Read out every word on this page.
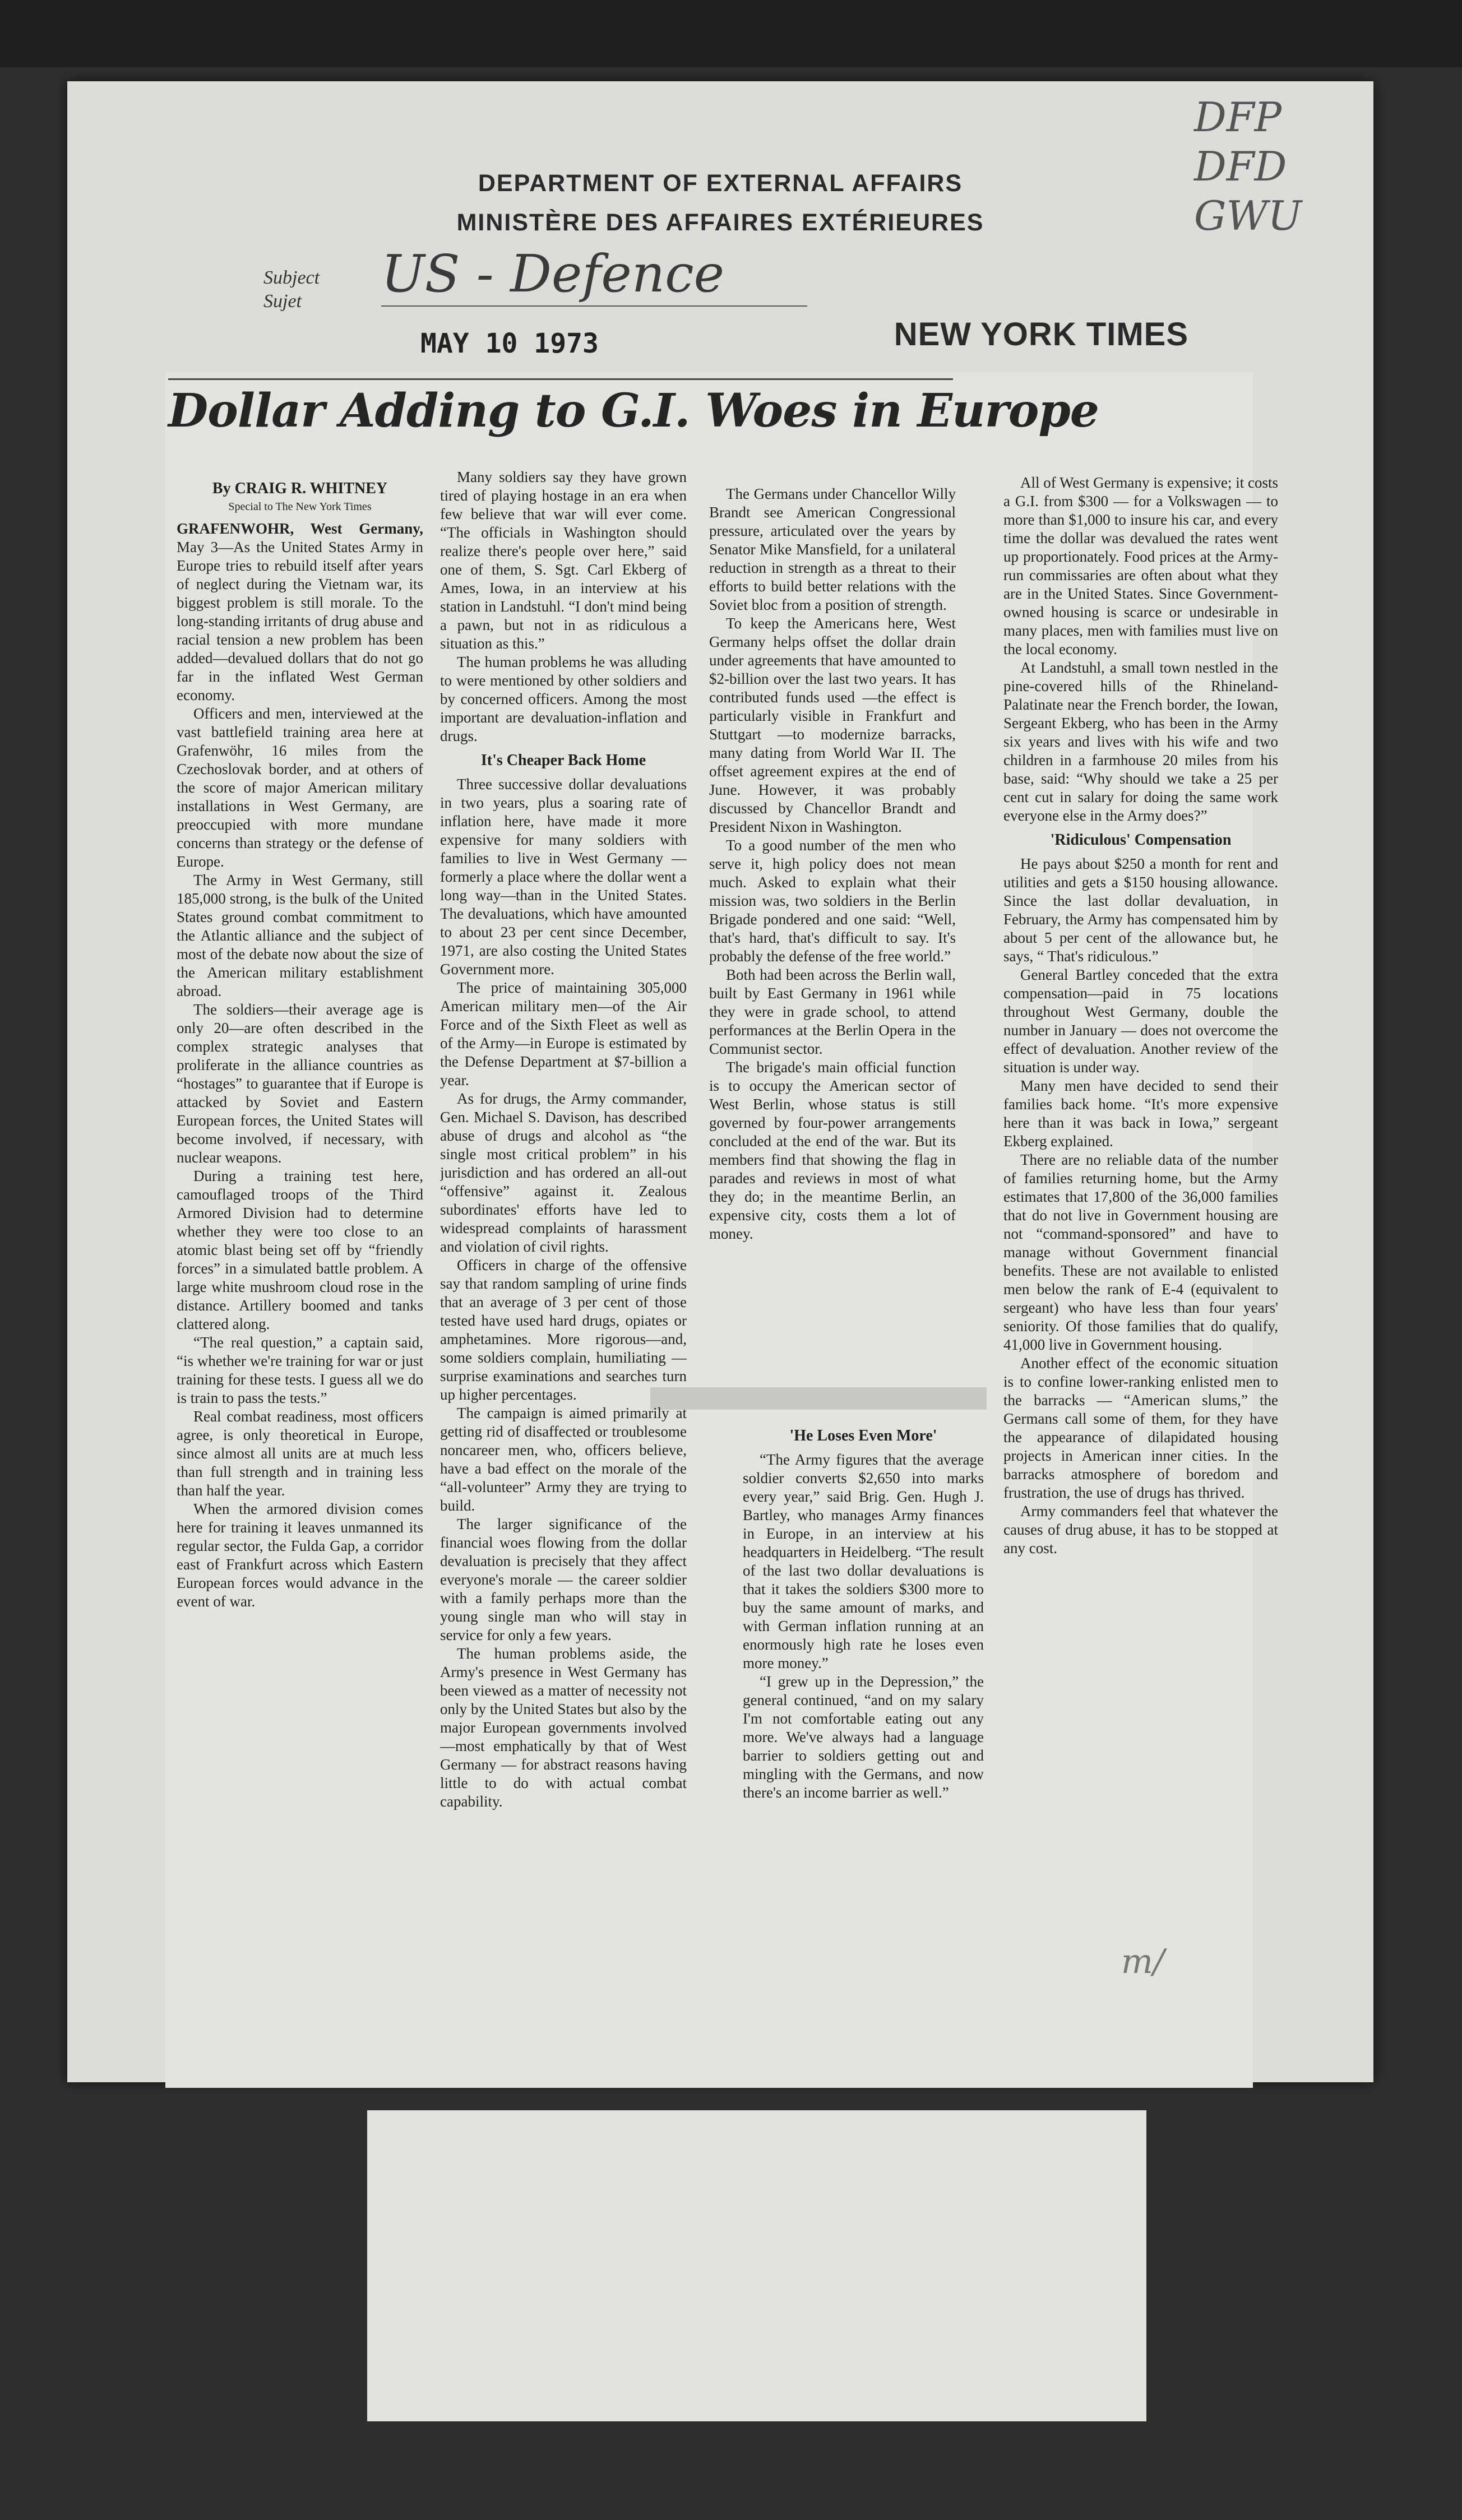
DFP
DFD
GWU
DEPARTMENT OF EXTERNAL AFFAIRS
MINISTÈRE DES AFFAIRES EXTÉRIEURES
Subject
Sujet US - Defence
MAY 10 1973	NEW YORK TIMES
Dollar Adding to G.I. Woes in Europe
By CRAIG R. WHITNEY
Special to The New York Times

GRAFENWOHR, West Germany, May 3—As the United States Army in Europe tries to rebuild itself after years of neglect during the Vietnam war, its biggest problem is still morale. To the long-standing irritants of drug abuse and racial tension a new problem has been added—devalued dollars that do not go far in the inflated West German economy.

Officers and men, interviewed at the vast battlefield training area here at Grafenwöhr, 16 miles from the Czechoslovak border, and at others of the score of major American military installations in West Germany, are preoccupied with more mundane concerns than strategy or the defense of Europe.

The Army in West Germany, still 185,000 strong, is the bulk of the United States ground combat commitment to the Atlantic alliance and the subject of most of the debate now about the size of the American military establishment abroad.

The soldiers—their average age is only 20—are often described in the complex strategic analyses that proliferate in the alliance countries as “hostages” to guarantee that if Europe is attacked by Soviet and Eastern European forces, the United States will become involved, if necessary, with nuclear weapons.

During a training test here, camouflaged troops of the Third Armored Division had to determine whether they were too close to an atomic blast being set off by “friendly forces” in a simulated battle problem. A large white mushroom cloud rose in the distance. Artillery boomed and tanks clattered along.

“The real question,” a captain said, “is whether we're training for war or just training for these tests. I guess all we do is train to pass the tests.”

Real combat readiness, most officers agree, is only theoretical in Europe, since almost all units are at much less than full strength and in training less than half the year.

When the armored division comes here for training it leaves unmanned its regular sector, the Fulda Gap, a corridor east of Frankfurt across which Eastern European forces would advance in the event of war.

Many soldiers say they have grown tired of playing hostage in an era when few believe that war will ever come. “The officials in Washington should realize there's people over here,” said one of them, S. Sgt. Carl Ekberg of Ames, Iowa, in an interview at his station in Landstuhl. “I don't mind being a pawn, but not in as ridiculous a situation as this.”

The human problems he was alluding to were mentioned by other soldiers and by concerned officers. Among the most important are devaluation-inflation and drugs.

It's Cheaper Back Home

Three successive dollar devaluations in two years, plus a soaring rate of inflation here, have made it more expensive for many soldiers with families to live in West Germany — formerly a place where the dollar went a long way—than in the United States. The devaluations, which have amounted to about 23 per cent since December, 1971, are also costing the United States Government more.

The price of maintaining 305,000 American military men—of the Air Force and of the Sixth Fleet as well as of the Army—in Europe is estimated by the Defense Department at $7-billion a year.

As for drugs, the Army commander, Gen. Michael S. Davison, has described abuse of drugs and alcohol as “the single most critical problem” in his jurisdiction and has ordered an all-out “offensive” against it. Zealous subordinates' efforts have led to widespread complaints of harassment and violation of civil rights.

Officers in charge of the offensive say that random sampling of urine finds that an average of 3 per cent of those tested have used hard drugs, opiates or amphetamines. More rigorous—and, some soldiers complain, humiliating — surprise examinations and searches turn up higher percentages.

The campaign is aimed primarily at getting rid of disaffected or troublesome noncareer men, who, officers believe, have a bad effect on the morale of the “all-volunteer” Army they are trying to build.

The larger significance of the financial woes flowing from the dollar devaluation is precisely that they affect everyone's morale — the career soldier with a family perhaps more than the young single man who will stay in service for only a few years.

The human problems aside, the Army's presence in West Germany has been viewed as a matter of necessity not only by the United States but also by the major European governments involved—most emphatically by that of West Germany — for abstract reasons having little to do with actual combat capability.

The Germans under Chancellor Willy Brandt see American Congressional pressure, articulated over the years by Senator Mike Mansfield, for a unilateral reduction in strength as a threat to their efforts to build better relations with the Soviet bloc from a position of strength.

To keep the Americans here, West Germany helps offset the dollar drain under agreements that have amounted to $2-billion over the last two years. It has contributed funds used —the effect is particularly visible in Frankfurt and Stuttgart —to modernize barracks, many dating from World War II. The offset agreement expires at the end of June. However, it was probably discussed by Chancellor Brandt and President Nixon in Washington.

To a good number of the men who serve it, high policy does not mean much. Asked to explain what their mission was, two soldiers in the Berlin Brigade pondered and one said: “Well, that's hard, that's difficult to say. It's probably the defense of the free world.”

Both had been across the Berlin wall, built by East Germany in 1961 while they were in grade school, to attend performances at the Berlin Opera in the Communist sector.

The brigade's main official function is to occupy the American sector of West Berlin, whose status is still governed by four-power arrangements concluded at the end of the war. But its members find that showing the flag in parades and reviews in most of what they do; in the meantime Berlin, an expensive city, costs them a lot of money.

'He Loses Even More'

“The Army figures that the average soldier converts $2,650 into marks every year,” said Brig. Gen. Hugh J. Bartley, who manages Army finances in Europe, in an interview at his headquarters in Heidelberg. “The result of the last two dollar devaluations is that it takes the soldiers $300 more to buy the same amount of marks, and with German inflation running at an enormously high rate he loses even more money.”

“I grew up in the Depression,” the general continued, “and on my salary I'm not comfortable eating out any more. We've always had a language barrier to soldiers getting out and mingling with the Germans, and now there's an income barrier as well.”

All of West Germany is expensive; it costs a G.I. from $300 — for a Volkswagen — to more than $1,000 to insure his car, and every time the dollar was devalued the rates went up proportionately. Food prices at the Army-run commissaries are often about what they are in the United States. Since Government-owned housing is scarce or undesirable in many places, men with families must live on the local economy.

At Landstuhl, a small town nestled in the pine-covered hills of the Rhineland-Palatinate near the French border, the Iowan, Sergeant Ekberg, who has been in the Army six years and lives with his wife and two children in a farmhouse 20 miles from his base, said: “Why should we take a 25 per cent cut in salary for doing the same work everyone else in the Army does?”

'Ridiculous' Compensation

He pays about $250 a month for rent and utilities and gets a $150 housing allowance. Since the last dollar devaluation, in February, the Army has compensated him by about 5 per cent of the allowance but, he says, “ That's ridiculous.”

General Bartley conceded that the extra compensation—paid in 75 locations throughout West Germany, double the number in January — does not overcome the effect of devaluation. Another review of the situation is under way.

Many men have decided to send their families back home. “It's more expensive here than it was back in Iowa,” sergeant Ekberg explained.

There are no reliable data of the number of families returning home, but the Army estimates that 17,800 of the 36,000 families that do not live in Government housing are not “command-sponsored” and have to manage without Government financial benefits. These are not available to enlisted men below the rank of E-4 (equivalent to sergeant) who have less than four years' seniority. Of those families that do qualify, 41,000 live in Government housing.

Another effect of the economic situation is to confine lower-ranking enlisted men to the barracks — “American slums,” the Germans call some of them, for they have the appearance of dilapidated housing projects in American inner cities. In the barracks atmosphere of boredom and frustration, the use of drugs has thrived.

Army commanders feel that whatever the causes of drug abuse, it has to be stopped at any cost.

m/
